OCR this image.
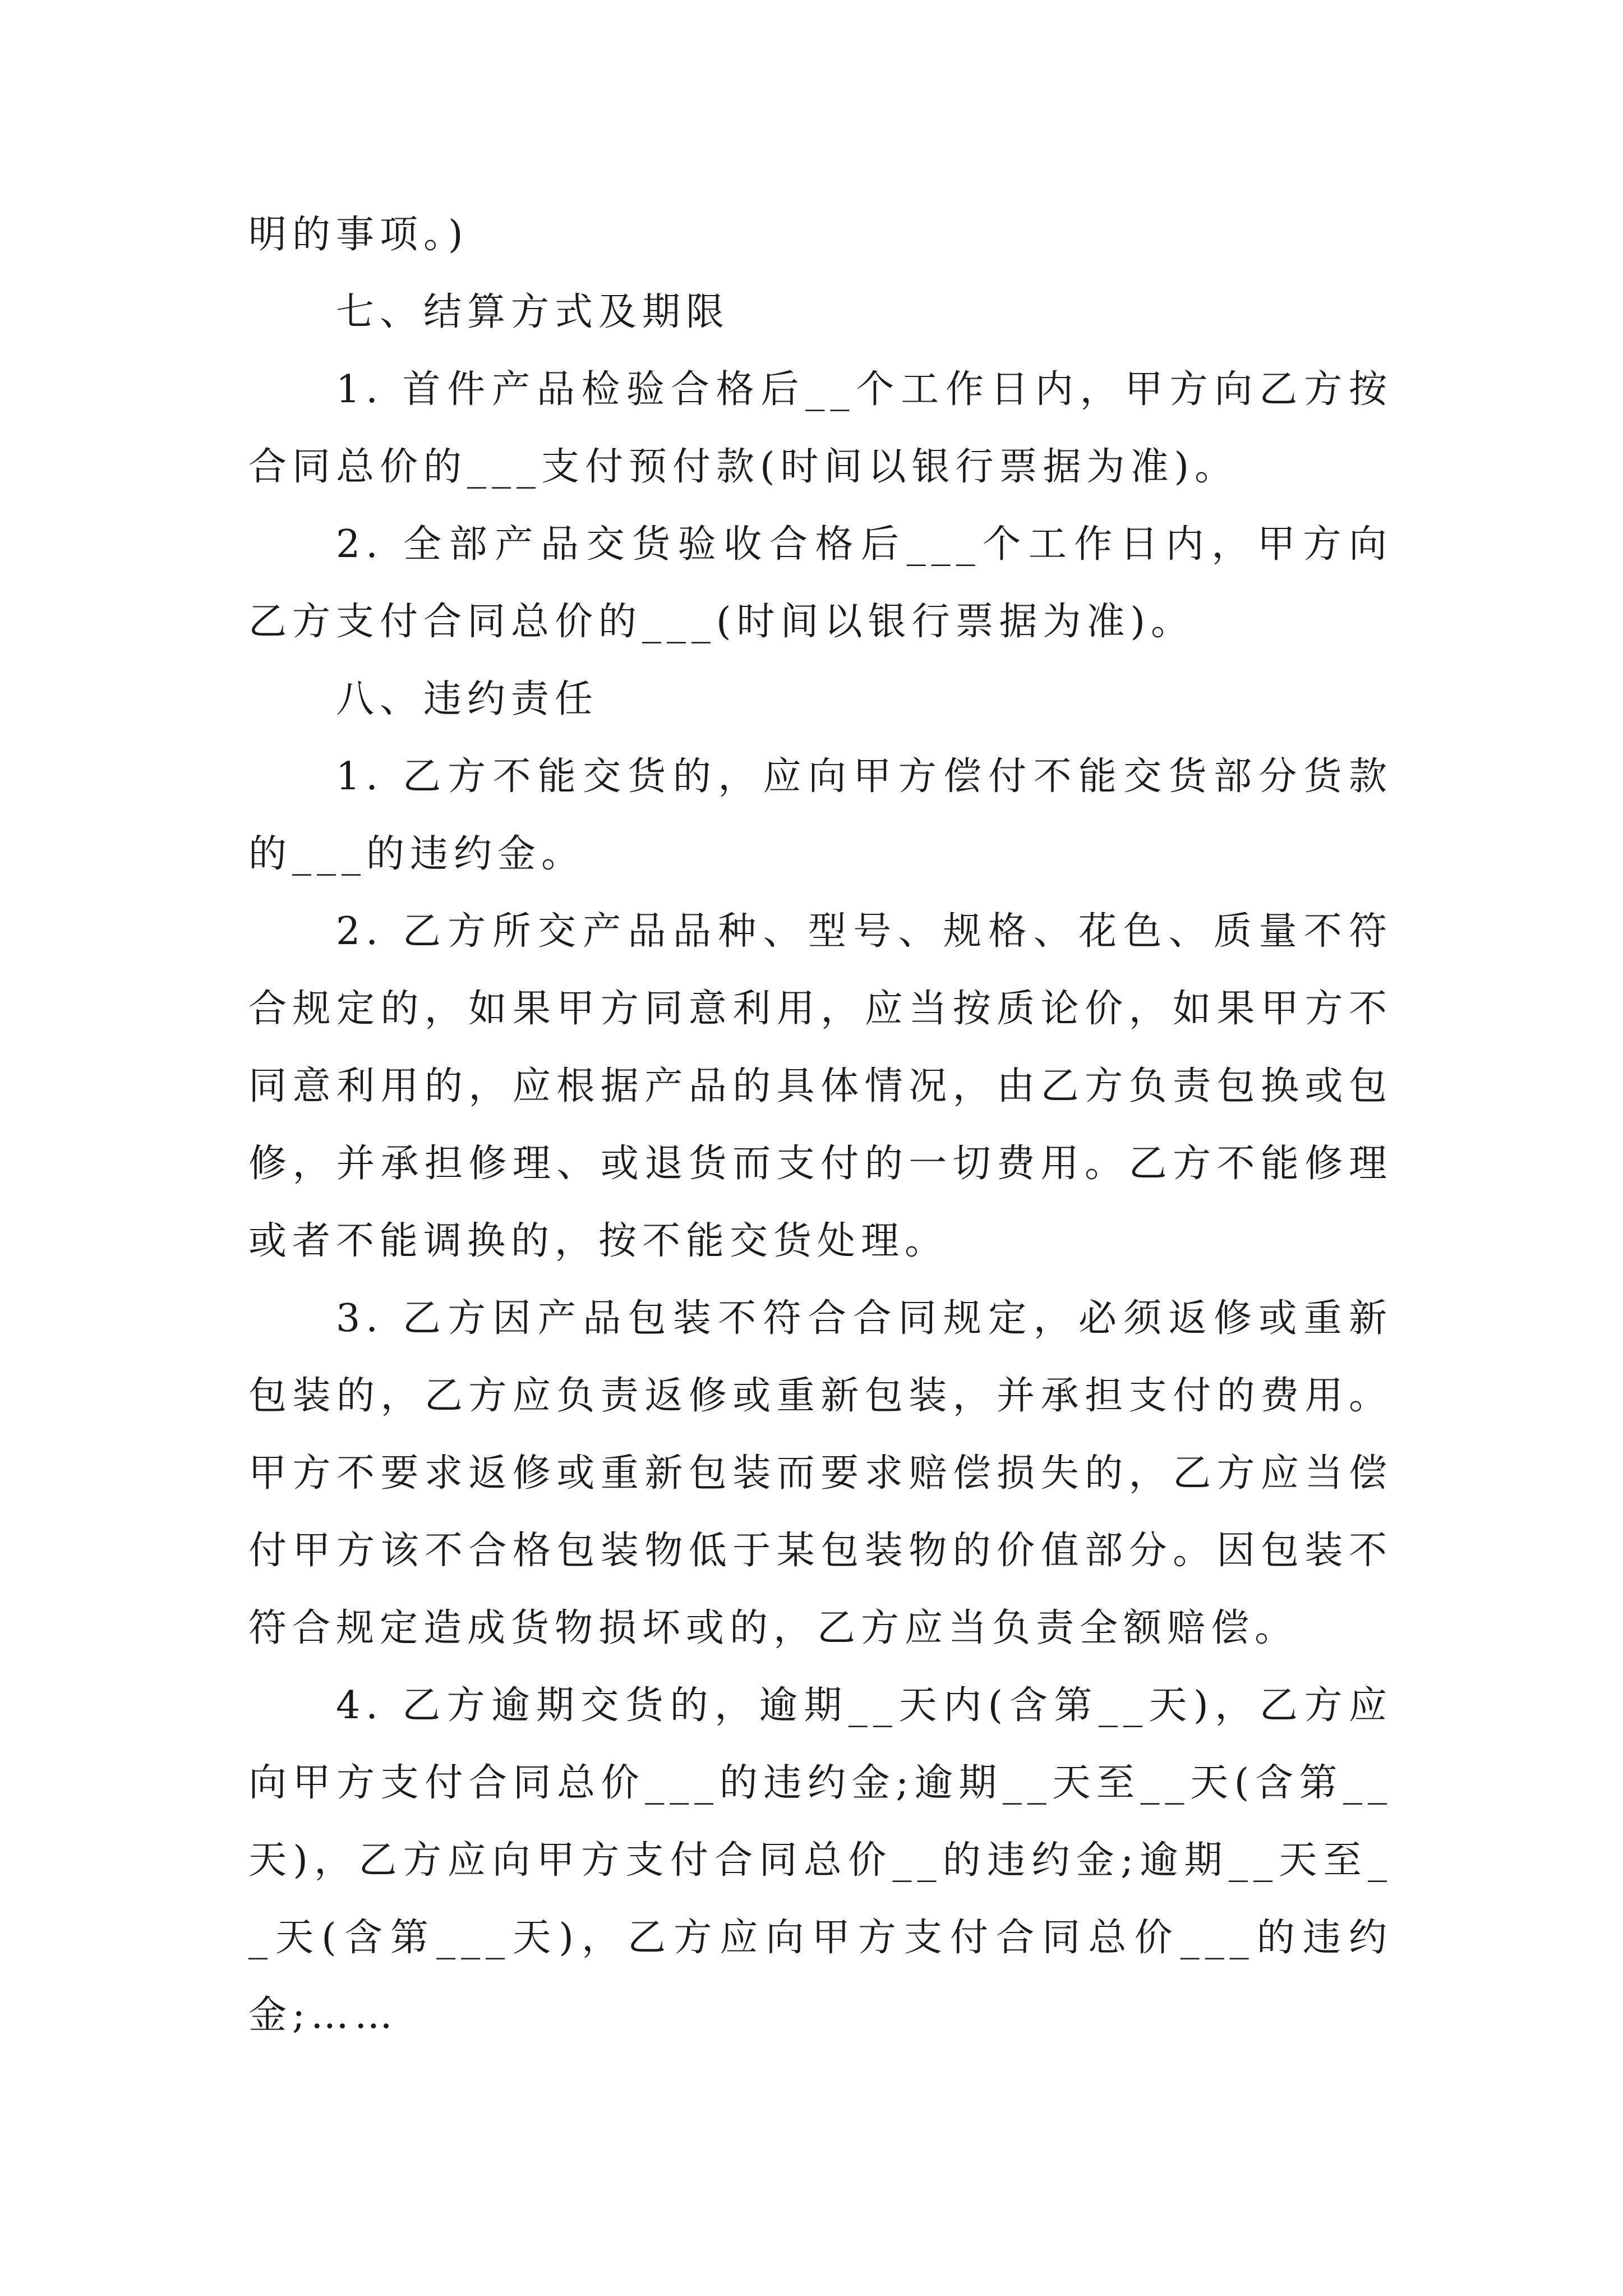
明的事项。)

七、结算方式及期限

1. 首件产品检验合格后__个工作日内，甲方向乙方按合同总价的___支付预付款(时间以银行票据为准)。

2. 全部产品交货验收合格后___个工作日内，甲方向乙方支付合同总价的___(时间以银行票据为准)。

八、违约责任

1. 乙方不能交货的，应向甲方偿付不能交货部分货款的___的违约金。

2. 乙方所交产品品种、型号、规格、花色、质量不符合规定的，如果甲方同意利用，应当按质论价，如果甲方不同意利用的，应根据产品的具体情况，由乙方负责包换或包修，并承担修理、或退货而支付的一切费用。乙方不能修理或者不能调换的，按不能交货处理。

3. 乙方因产品包装不符合合同规定，必须返修或重新包装的，乙方应负责返修或重新包装，并承担支付的费用。甲方不要求返修或重新包装而要求赔偿损失的，乙方应当偿付甲方该不合格包装物低于某包装物的价值部分。因包装不符合规定造成货物损坏或的，乙方应当负责全额赔偿。

4. 乙方逾期交货的，逾期__天内(含第__天)，乙方应向甲方支付合同总价___的违约金;逾期__天至__天(含第__天)，乙方应向甲方支付合同总价__的违约金;逾期__天至__天(含第___天)，乙方应向甲方支付合同总价___的违约金;……
